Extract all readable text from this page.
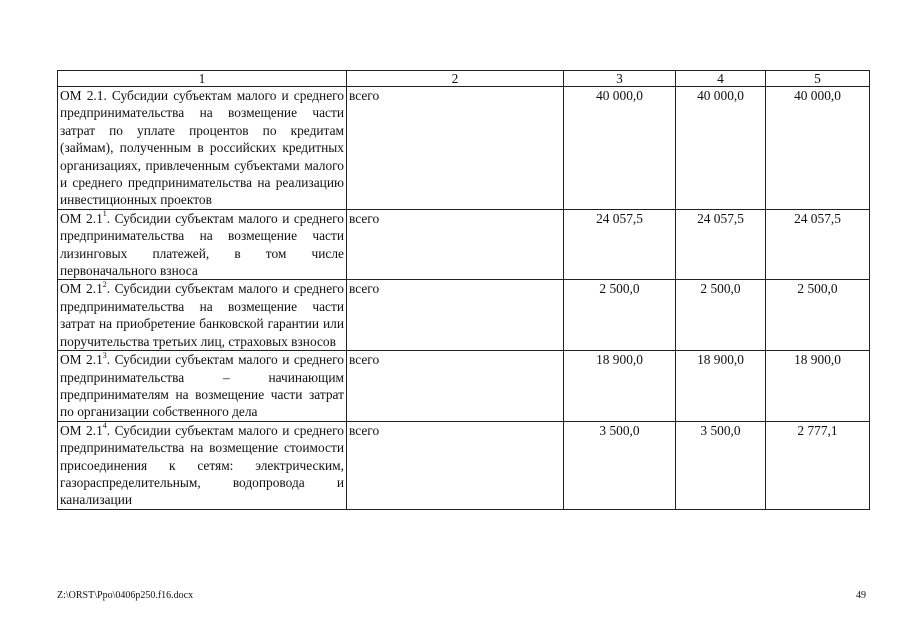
1	2	3	4	5
ОМ 2.1. Субсидии субъектам малого и среднего предпринимательства на возмещение части затрат по уплате процентов по кредитам (займам), полученным в российских кредитных организациях, привлеченным субъектами малого и среднего предпринимательства на реализацию инвестиционных проектов	всего	40 000,0	40 000,0	40 000,0
ОМ $2.1^1$. Субсидии субъектам малого и среднего предпринимательства на возмещение части лизинговых платежей, в том числе первоначального взноса	всего	24 057,5	24 057,5	24 057,5
ОМ $2.1^2$. Субсидии субъектам малого и среднего предпринимательства на возмещение части затрат на приобретение банковской гарантии или поручительства третьих лиц, страховых взносов	всего	2 500,0	2 500,0	2 500,0
ОМ $2.1^3$. Субсидии субъектам малого и среднего предпринимательства – начинающим предпринимателям на возмещение части затрат по организации собственного дела	всего	18 900,0	18 900,0	18 900,0
ОМ $2.1^4$. Субсидии субъектам малого и среднего предпринимательства на возмещение стоимости присоединения к сетям: электрическим, газораспределительным, водопровода и канализации	всего	3 500,0	3 500,0	2 777,1
Z:\ORST\Ppo\0406p250.f16.docx	49
